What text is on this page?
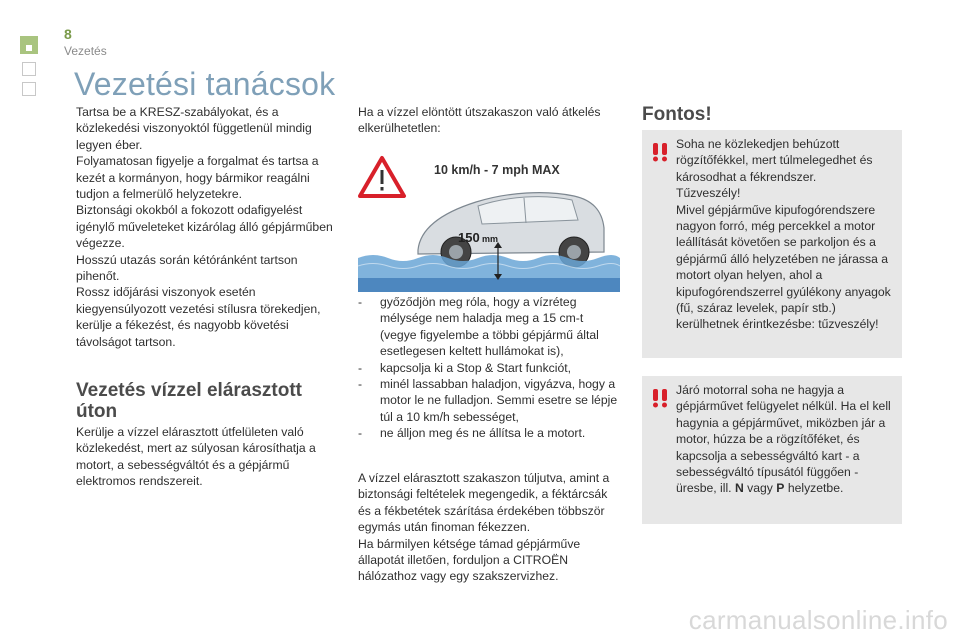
8
Vezetés
Vezetési tanácsok

Tartsa be a KRESZ-szabályokat, és a közlekedési viszonyoktól függetlenül mindig legyen éber.

Folyamatosan figyelje a forgalmat és tartsa a kezét a kormányon, hogy bármikor reagálni tudjon a felmerülő helyzetekre.

Biztonsági okokból a fokozott odafigyelést igénylő műveleteket kizárólag álló gépjárműben végezze.

Hosszú utazás során kétóránként tartson pihenőt.

Rossz időjárási viszonyok esetén kiegyensúlyozott vezetési stílusra törekedjen, kerülje a fékezést, és nagyobb követési távolságot tartson.

Vezetés vízzel elárasztott úton
Kerülje a vízzel elárasztott útfelületen való közlekedést, mert az súlyosan károsíthatja a motort, a sebességváltót és a gépjármű elektromos rendszereit.
Ha a vízzel elöntött útszakaszon való átkelés elkerülhetetlen:
10 km/h - 7 mph MAX
150 mm
- győződjön meg róla, hogy a vízréteg mélysége nem haladja meg a 15 cm-t (vegye figyelembe a többi gépjármű által esetlegesen keltett hullámokat is),
- kapcsolja ki a Stop & Start funkciót,
- minél lassabban haladjon, vigyázva, hogy a motor le ne fulladjon. Semmi esetre se lépje túl a 10 km/h sebességet,
- ne álljon meg és ne állítsa le a motort.

A vízzel elárasztott szakaszon túljutva, amint a biztonsági feltételek megengedik, a féktárcsák és a fékbetétek szárítása érdekében többször egymás után finoman fékezzen.

Ha bármilyen kétsége támad gépjárműve állapotát illetően, forduljon a CITROËN hálózathoz vagy egy szakszervizhez.

Fontos!

Soha ne közlekedjen behúzott rögzítőfékkel, mert túlmelegedhet és károsodhat a fékrendszer.

Tűzveszély!

Mivel gépjárműve kipufogórendszere nagyon forró, még percekkel a motor leállítását követően se parkoljon és a gépjármű álló helyzetében ne járassa a motort olyan helyen, ahol a kipufogórendszerrel gyúlékony anyagok (fű, száraz levelek, papír stb.) kerülhetnek érintkezésbe: tűzveszély!

Járó motorral soha ne hagyja a gépjárművet felügyelet nélkül. Ha el kell hagynia a gépjárművet, miközben jár a motor, húzza be a rögzítőféket, és kapcsolja a sebességváltó kart - a sebességváltó típusától függően - üresbe, ill. N vagy P helyzetbe.
carmanualsonline.info
